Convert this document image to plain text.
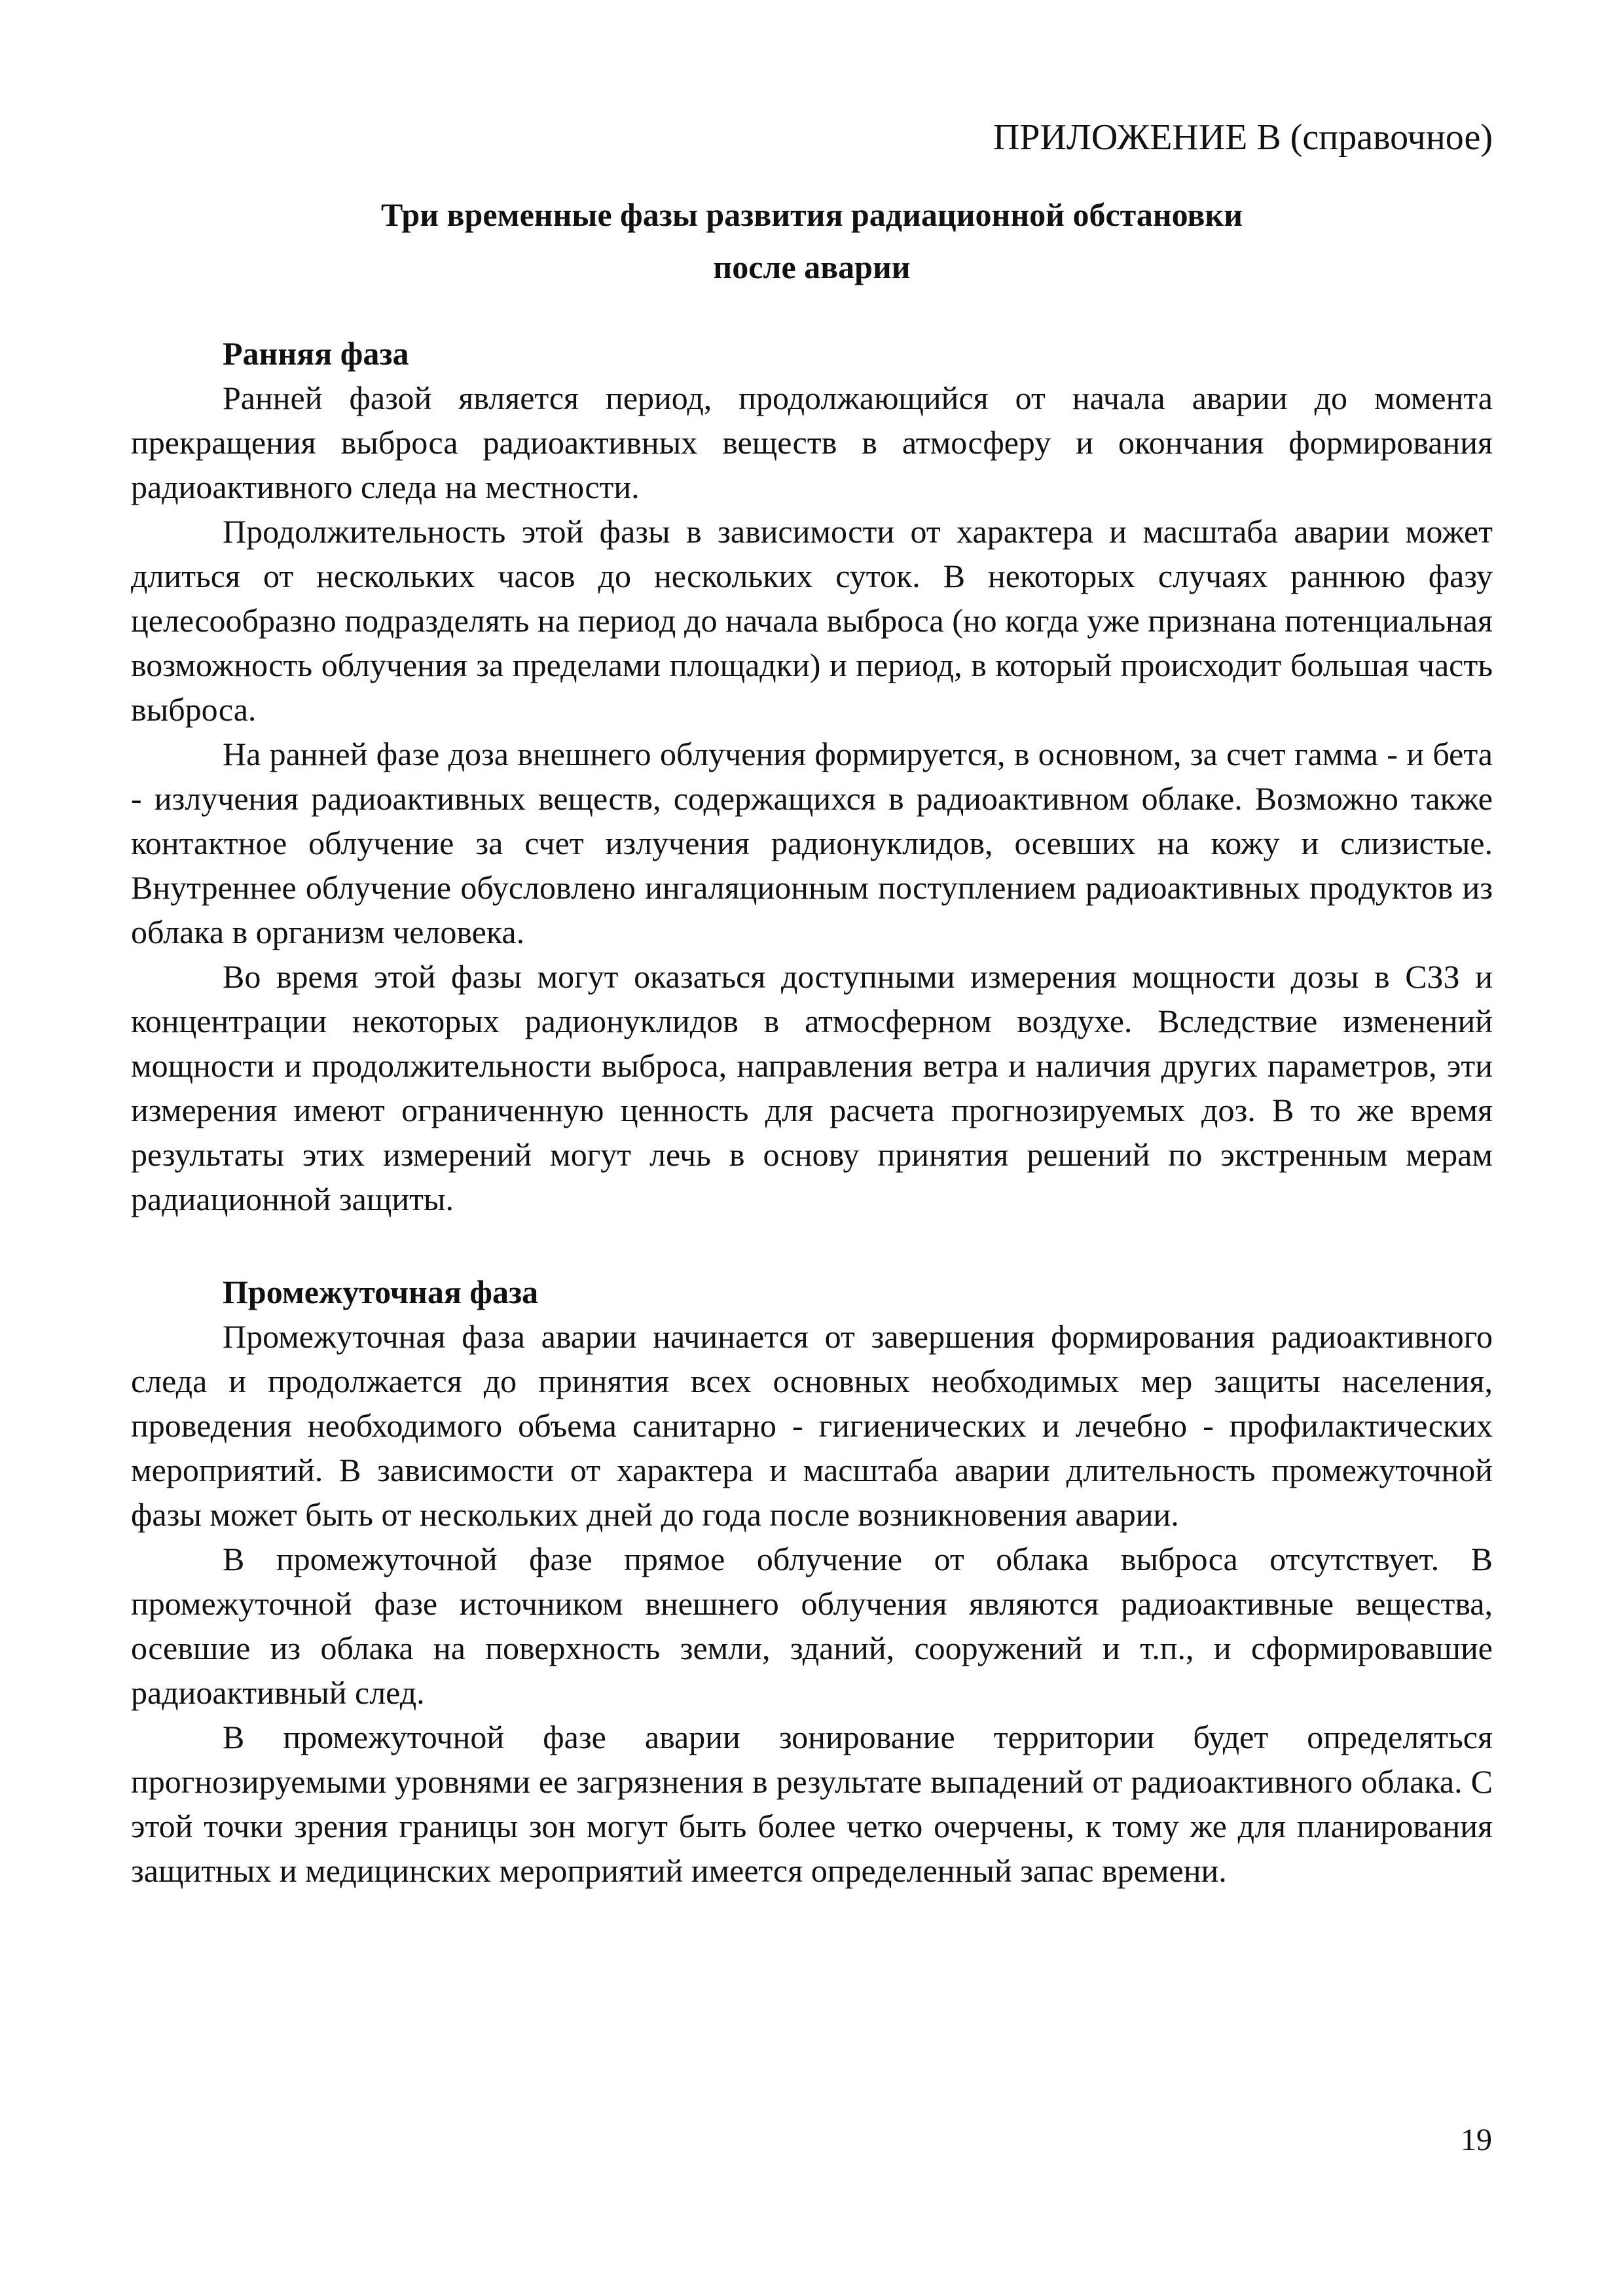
ПРИЛОЖЕНИЕ В (справочное)
Три временные фазы развития радиационной обстановки
после аварии
Ранняя фаза

Ранней фазой является период, продолжающийся от начала аварии до момента прекращения выброса радиоактивных веществ в атмосферу и окончания формирования радиоактивного следа на местности.

Продолжительность этой фазы в зависимости от характера и масштаба аварии может длиться от нескольких часов до нескольких суток. В некоторых случаях раннюю фазу целесообразно подразделять на период до начала выброса (но когда уже признана потенциальная возможность облучения за пределами площадки) и период, в который происходит большая часть выброса.

На ранней фазе доза внешнего облучения формируется, в основном, за счет гамма - и бета - излучения радиоактивных веществ, содержащихся в радиоактивном облаке. Возможно также контактное облучение за счет излучения радионуклидов, осевших на кожу и слизистые. Внутреннее облучение обусловлено ингаляционным поступлением радиоактивных продуктов из облака в организм человека.

Во время этой фазы могут оказаться доступными измерения мощности дозы в СЗЗ и концентрации некоторых радионуклидов в атмосферном воздухе. Вследствие изменений мощности и продолжительности выброса, направления ветра и наличия других параметров, эти измерения имеют ограниченную ценность для расчета прогнозируемых доз. В то же время результаты этих измерений могут лечь в основу принятия решений по экстренным мерам радиационной защиты.

Промежуточная фаза

Промежуточная фаза аварии начинается от завершения формирования радиоактивного следа и продолжается до принятия всех основных необходимых мер защиты населения, проведения необходимого объема санитарно - гигиенических и лечебно - профилактических мероприятий. В зависимости от характера и масштаба аварии длительность промежуточной фазы может быть от нескольких дней до года после возникновения аварии.

В промежуточной фазе прямое облучение от облака выброса отсутствует. В промежуточной фазе источником внешнего облучения являются радиоактивные вещества, осевшие из облака на поверхность земли, зданий, сооружений и т.п., и сформировавшие радиоактивный след.

В промежуточной фазе аварии зонирование территории будет определяться прогнозируемыми уровнями ее загрязнения в результате выпадений от радиоактивного облака. С этой точки зрения границы зон могут быть более четко очерчены, к тому же для планирования защитных и медицинских мероприятий имеется определенный запас времени.

19
